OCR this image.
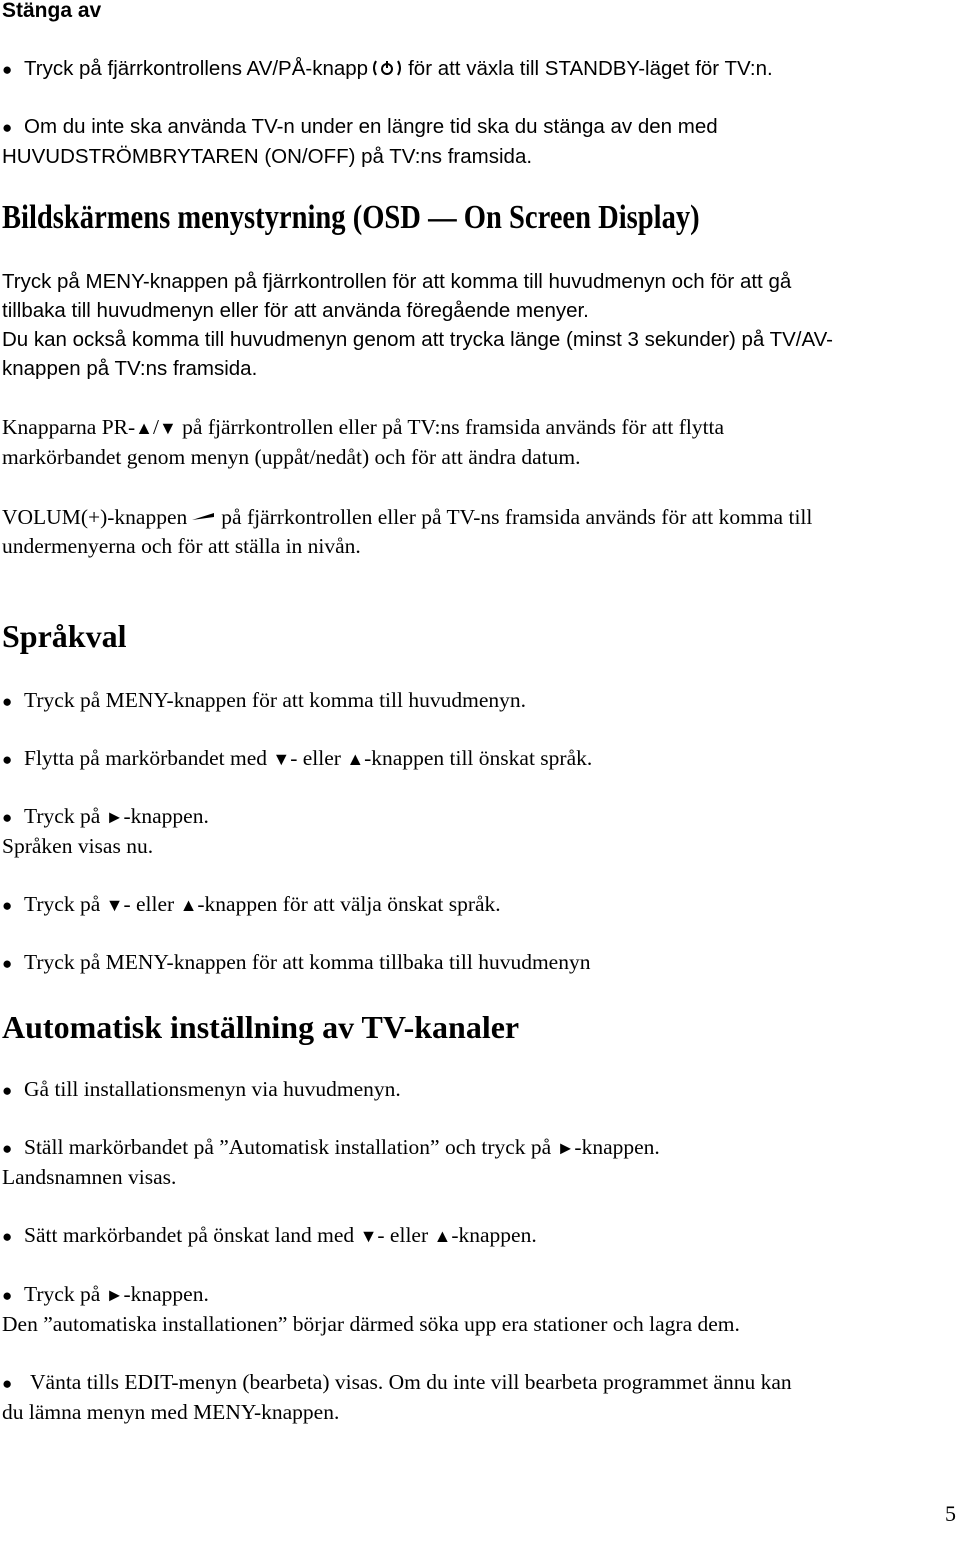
Stänga av

● Tryck på fjärrkontrollens AV/PÅ-knapp för att växla till STANDBY-läget för TV:n.

● Om du inte ska använda TV-n under en längre tid ska du stänga av den med

HUVUDSTRÖMBRYTAREN (ON/OFF) på TV:ns framsida.

Bildskärmens menystyrning (OSD — On Screen Display)

Tryck på MENY-knappen på fjärrkontrollen för att komma till huvudmenyn och för att gå

tillbaka till huvudmenyn eller för att använda föregående menyer.

Du kan också komma till huvudmenyn genom att trycka länge (minst 3 sekunder) på TV/AV-

knappen på TV:ns framsida.

Knapparna PR-▲/▼ på fjärrkontrollen eller på TV:ns framsida används för att flytta

markörbandet genom menyn (uppåt/nedåt) och för att ändra datum.

VOLUM(+)-knappen på fjärrkontrollen eller på TV-ns framsida används för att komma till

undermenyerna och för att ställa in nivån.

Språkval

● Tryck på MENY-knappen för att komma till huvudmenyn.

● Flytta på markörbandet med ▼- eller ▲-knappen till önskat språk.

● Tryck på ►-knappen.

Språken visas nu.

● Tryck på ▼- eller ▲-knappen för att välja önskat språk.

● Tryck på MENY-knappen för att komma tillbaka till huvudmenyn

Automatisk inställning av TV-kanaler

● Gå till installationsmenyn via huvudmenyn.

● Ställ markörbandet på ”Automatisk installation” och tryck på ►-knappen.

Landsnamnen visas.

● Sätt markörbandet på önskat land med ▼- eller ▲-knappen.

● Tryck på ►-knappen.

Den ”automatiska installationen” börjar därmed söka upp era stationer och lagra dem.

● Vänta tills EDIT-menyn (bearbeta) visas. Om du inte vill bearbeta programmet ännu kan

du lämna menyn med MENY-knappen.

5
